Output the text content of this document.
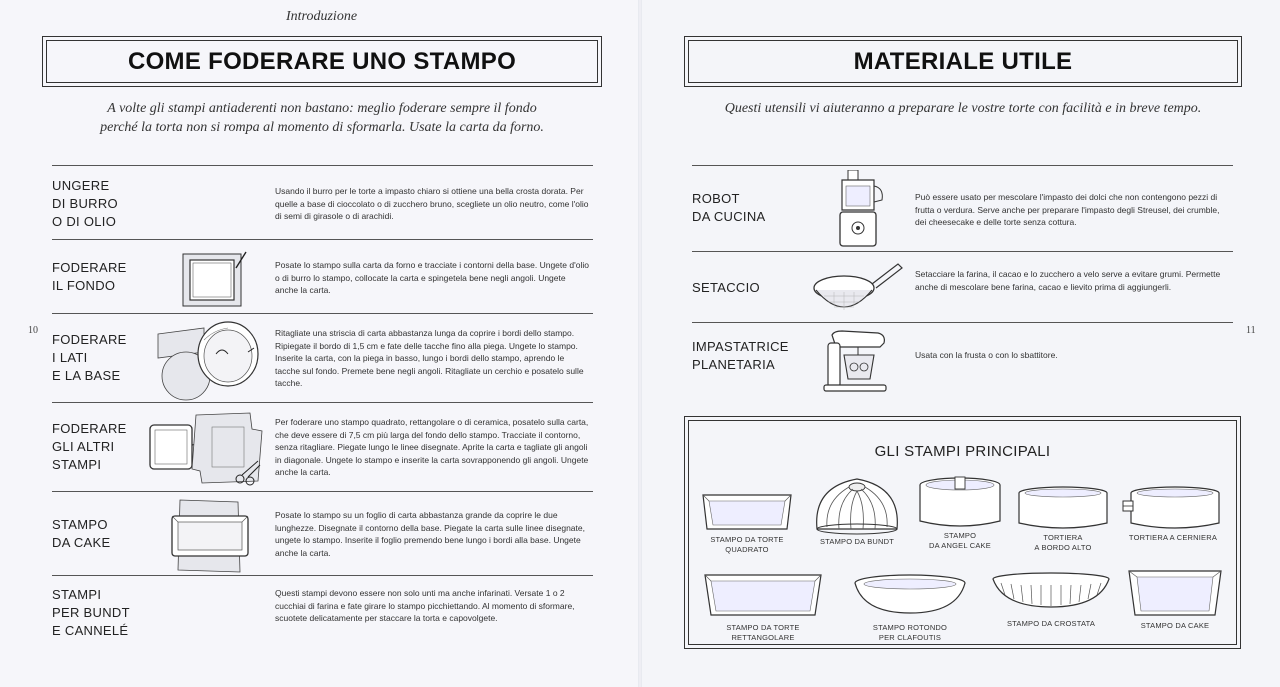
Introduzione
COME FODERARE UNO STAMPO
A volte gli stampi antiaderenti non bastano: meglio foderare sempre il fondo
perché la torta non si rompa al momento di sformarla. Usate la carta da forno.
10
UNGERE
DI BURRO
O DI OLIO
Usando il burro per le torte a impasto chiaro si ottiene una bella crosta dorata. Per quelle a base di cioccolato o di zucchero bruno, scegliete un olio neutro, come l'olio di semi di girasole o di arachidi.
FODERARE
IL FONDO
Posate lo stampo sulla carta da forno e tracciate i contorni della base. Ungete d'olio o di burro lo stampo, collocate la carta e spingetela bene negli angoli. Ungete anche la carta.
FODERARE
I LATI
E LA BASE
Ritagliate una striscia di carta abbastanza lunga da coprire i bordi dello stampo. Ripiegate il bordo di 1,5 cm e fate delle tacche fino alla piega. Ungete lo stampo. Inserite la carta, con la piega in basso, lungo i bordi dello stampo, aprendo le tacche sul fondo. Premete bene negli angoli. Ritagliate un cerchio e posatelo sulle tacche.
FODERARE
GLI ALTRI
STAMPI
Per foderare uno stampo quadrato, rettangolare o di ceramica, posatelo sulla carta, che deve essere di 7,5 cm più larga del fondo dello stampo. Tracciate il contorno, senza ritagliare. Piegate lungo le linee disegnate. Aprite la carta e tagliate gli angoli in diagonale. Ungete lo stampo e inserite la carta sovrapponendo gli angoli. Ungete anche la carta.
STAMPO
DA CAKE
Posate lo stampo su un foglio di carta abbastanza grande da coprire le due lunghezze. Disegnate il contorno della base. Piegate la carta sulle linee disegnate, ungete lo stampo. Inserite il foglio premendo bene lungo i bordi alla base. Ungete anche la carta.
STAMPI
PER BUNDT
E CANNELÉ
Questi stampi devono essere non solo unti ma anche infarinati. Versate 1 o 2 cucchiai di farina e fate girare lo stampo picchiettando. Al momento di sformare, scuotete delicatamente per staccare la torta e capovolgete.
MATERIALE UTILE
Questi utensili vi aiuteranno a preparare le vostre torte con facilità e in breve tempo.
11
ROBOT
DA CUCINA
Può essere usato per mescolare l'impasto dei dolci che non contengono pezzi di frutta o verdura. Serve anche per preparare l'impasto degli Streusel, dei crumble, dei cheesecake e delle torte senza cottura.
SETACCIO
Setacciare la farina, il cacao e lo zucchero a velo serve a evitare grumi. Permette anche di mescolare bene farina, cacao e lievito prima di aggiungerli.
IMPASTATRICE
PLANETARIA
Usata con la frusta o con lo sbattitore.
GLI STAMPI PRINCIPALI
STAMPO DA TORTE
QUADRATO
STAMPO DA BUNDT
STAMPO
DA ANGEL CAKE
TORTIERA
A BORDO ALTO
TORTIERA A CERNIERA
STAMPO DA TORTE
RETTANGOLARE
STAMPO ROTONDO
PER CLAFOUTIS
STAMPO DA CROSTATA	STAMPO DA CAKE
